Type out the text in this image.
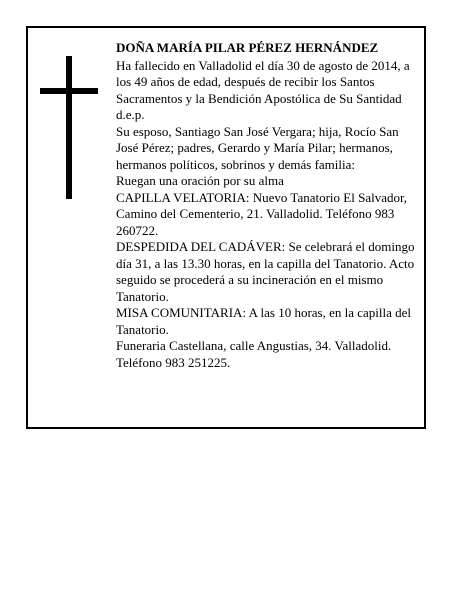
DOÑA MARÍA PILAR PÉREZ HERNÁNDEZ

Ha fallecido en Valladolid el día 30 de agosto de 2014, a los 49 años de edad, después de recibir los Santos Sacramentos y la Bendición Apostólica de Su Santidad d.e.p.

Su esposo, Santiago San José Vergara; hija, Rocío San José Pérez; padres, Gerardo y María Pilar; hermanos, hermanos políticos, sobrinos y demás familia:

Ruegan una oración por su alma

CAPILLA VELATORIA: Nuevo Tanatorio El Salvador, Camino del Cementerio, 21. Valladolid. Teléfono 983 260722.

DESPEDIDA DEL CADÁVER: Se celebrará el domingo día 31, a las 13.30 horas, en la capilla del Tanatorio. Acto seguido se procederá a su incineración en el mismo Tanatorio.

MISA COMUNITARIA: A las 10 horas, en la capilla del Tanatorio.

Funeraria Castellana, calle Angustias, 34. Valladolid. Teléfono 983 251225.
